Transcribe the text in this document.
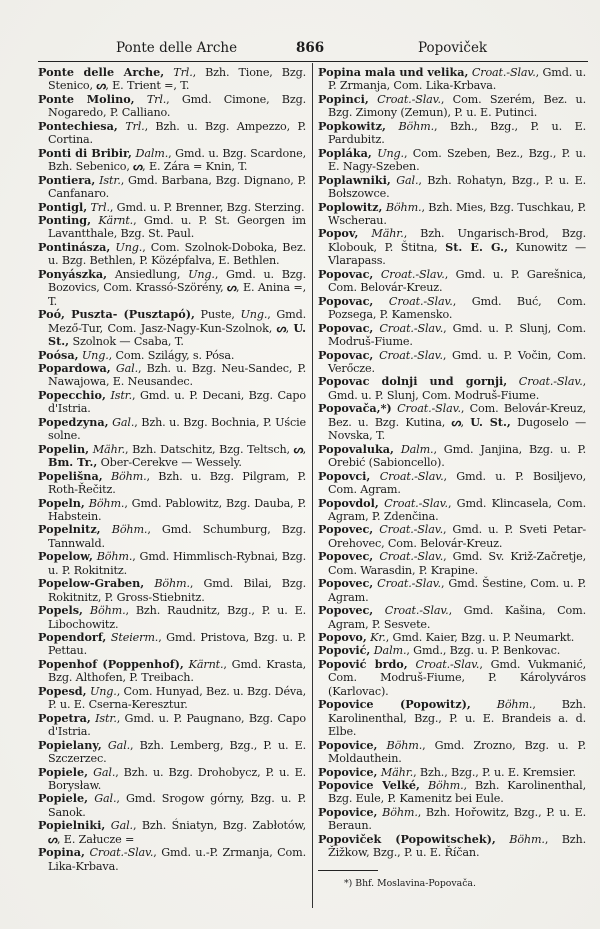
Ponte delle Arche	866	Popoviček
Ponte delle Arche, Trl., Bzh. Tione, Bzg. Stenico, ᔕ, E. Trient =, T.
Ponte Molino, Trl., Gmd. Cimone, Bzg. Nogaredo, P. Calliano.
Pontechiesa, Trl., Bzh. u. Bzg. Ampezzo, P. Cortina.
Ponti di Bribir, Dalm., Gmd. u. Bzg. Scardone, Bzh. Sebenico, ᔕ, E. Zára = Knin, T.
Pontiera, Istr., Gmd. Barbana, Bzg. Dignano, P. Canfanaro.
Pontigl, Trl., Gmd. u. P. Brenner, Bzg. Sterzing.
Ponting, Kärnt., Gmd. u. P. St. Georgen im Lavantthale, Bzg. St. Paul.
Pontinásza, Ung., Com. Szolnok-Doboka, Bez. u. Bzg. Bethlen, P. Középfalva, E. Bethlen.
Ponyászka, Ansiedlung, Ung., Gmd. u. Bzg. Bozovics, Com. Krassó-Szörény, ᔕ, E. Anina =, T.
Poó, Puszta- (Pusztapó), Puste, Ung., Gmd. Mező-Tur, Com. Jasz-Nagy-Kun-Szolnok, ᔕ, U. St., Szolnok — Csaba, T.
Poósa, Ung., Com. Szilágy, s. Pósa.
Popardowa, Gal., Bzh. u. Bzg. Neu-Sandec, P. Nawajowa, E. Neusandec.
Popecchio, Istr., Gmd. u. P. Decani, Bzg. Capo d'Istria.
Popedzyna, Gal., Bzh. u. Bzg. Bochnia, P. Uście solne.
Popelin, Mähr., Bzh. Datschitz, Bzg. Teltsch, ᔕ, Bm. Tr., Ober-Cerekve — Wessely.
Popelišna, Böhm., Bzh. u. Bzg. Pilgram, P. Roth-Řečitz.
Popeln, Böhm., Gmd. Pablowitz, Bzg. Dauba, P. Habstein.
Popelnitz, Böhm., Gmd. Schumburg, Bzg. Tannwald.
Popelow, Böhm., Gmd. Himmlisch-Rybnai, Bzg. u. P. Rokitnitz.
Popelow-Graben, Böhm., Gmd. Bilai, Bzg. Rokitnitz, P. Gross-Stiebnitz.
Popels, Böhm., Bzh. Raudnitz, Bzg., P. u. E. Libochowitz.
Popendorf, Steierm., Gmd. Pristova, Bzg. u. P. Pettau.
Popenhof (Poppenhof), Kärnt., Gmd. Krasta, Bzg. Althofen, P. Treibach.
Popesd, Ung., Com. Hunyad, Bez. u. Bzg. Déva, P. u. E. Cserna-Keresztur.
Popetra, Istr., Gmd. u. P. Paugnano, Bzg. Capo d'Istria.
Popielany, Gal., Bzh. Lemberg, Bzg., P. u. E. Szczerzec.
Popiele, Gal., Bzh. u. Bzg. Drohobycz, P. u. E. Borysław.
Popiele, Gal., Gmd. Srogow górny, Bzg. u. P. Sanok.
Popielniki, Gal., Bzh. Śniatyn, Bzg. Zabłotów, ᔕ, E. Załucze =
Popina, Croat.-Slav., Gmd. u.-P. Zrmanja, Com. Lika-Krbava.
Popina mala und velika, Croat.-Slav., Gmd. u. P. Zrmanja, Com. Lika-Krbava.
Popinci, Croat.-Slav., Com. Szerém, Bez. u. Bzg. Zimony (Zemun), P. u. E. Putinci.
Popkowitz, Böhm., Bzh., Bzg., P. u. E. Pardubitz.
Popláka, Ung., Com. Szeben, Bez., Bzg., P. u. E. Nagy-Szeben.
Poplawniki, Gal., Bzh. Rohatyn, Bzg., P. u. E. Bołszowce.
Poplowitz, Böhm., Bzh. Mies, Bzg. Tuschkau, P. Wscherau.
Popov, Mähr., Bzh. Ungarisch-Brod, Bzg. Klobouk, P. Štitna, St. E. G., Kunowitz — Vlarapass.
Popovac, Croat.-Slav., Gmd. u. P. Garešnica, Com. Belovár-Kreuz.
Popovac, Croat.-Slav., Gmd. Buć, Com. Pozsega, P. Kamensko.
Popovac, Croat.-Slav., Gmd. u. P. Slunj, Com. Modruš-Fiume.
Popovac, Croat.-Slav., Gmd. u. P. Vočin, Com. Verőcze.
Popovac dolnji und gornji, Croat.-Slav., Gmd. u. P. Slunj, Com. Modruš-Fiume.
Popovača,*) Croat.-Slav., Com. Belovár-Kreuz, Bez. u. Bzg. Kutina, ᔕ, U. St., Dugoselo — Novska, T.
Popovaluka, Dalm., Gmd. Janjina, Bzg. u. P. Orebić (Sabioncello).
Popovci, Croat.-Slav., Gmd. u. P. Bosiljevo, Com. Agram.
Popovdol, Croat.-Slav., Gmd. Klincasela, Com. Agram, P. Zdenčina.
Popovec, Croat.-Slav., Gmd. u. P. Sveti Petar-Orehovec, Com. Belovár-Kreuz.
Popovec, Croat.-Slav., Gmd. Sv. Križ-Začretje, Com. Warasdin, P. Krapine.
Popovec, Croat.-Slav., Gmd. Šestine, Com. u. P. Agram.
Popovec, Croat.-Slav., Gmd. Kašina, Com. Agram, P. Sesvete.
Popovo, Kr., Gmd. Kaier, Bzg. u. P. Neumarkt.
Popović, Dalm., Gmd., Bzg. u. P. Benkovac.
Popović brdo, Croat.-Slav., Gmd. Vukmanić, Com. Modruš-Fiume, P. Károlyváros (Karlovac).
Popovice (Popowitz), Böhm., Bzh. Karolinenthal, Bzg., P. u. E. Brandeis a. d. Elbe.
Popovice, Böhm., Gmd. Zrozno, Bzg. u. P. Moldauthein.
Popovice, Mähr., Bzh., Bzg., P. u. E. Kremsier.
Popovice Velké, Böhm., Bzh. Karolinenthal, Bzg. Eule, P. Kamenitz bei Eule.
Popovice, Böhm., Bzh. Hořowitz, Bzg., P. u. E. Beraun.
Popoviček (Popowitschek), Böhm., Bzh. Žižkow, Bzg., P. u. E. Říčan.
*) Bhf. Moslavina-Popovača.
